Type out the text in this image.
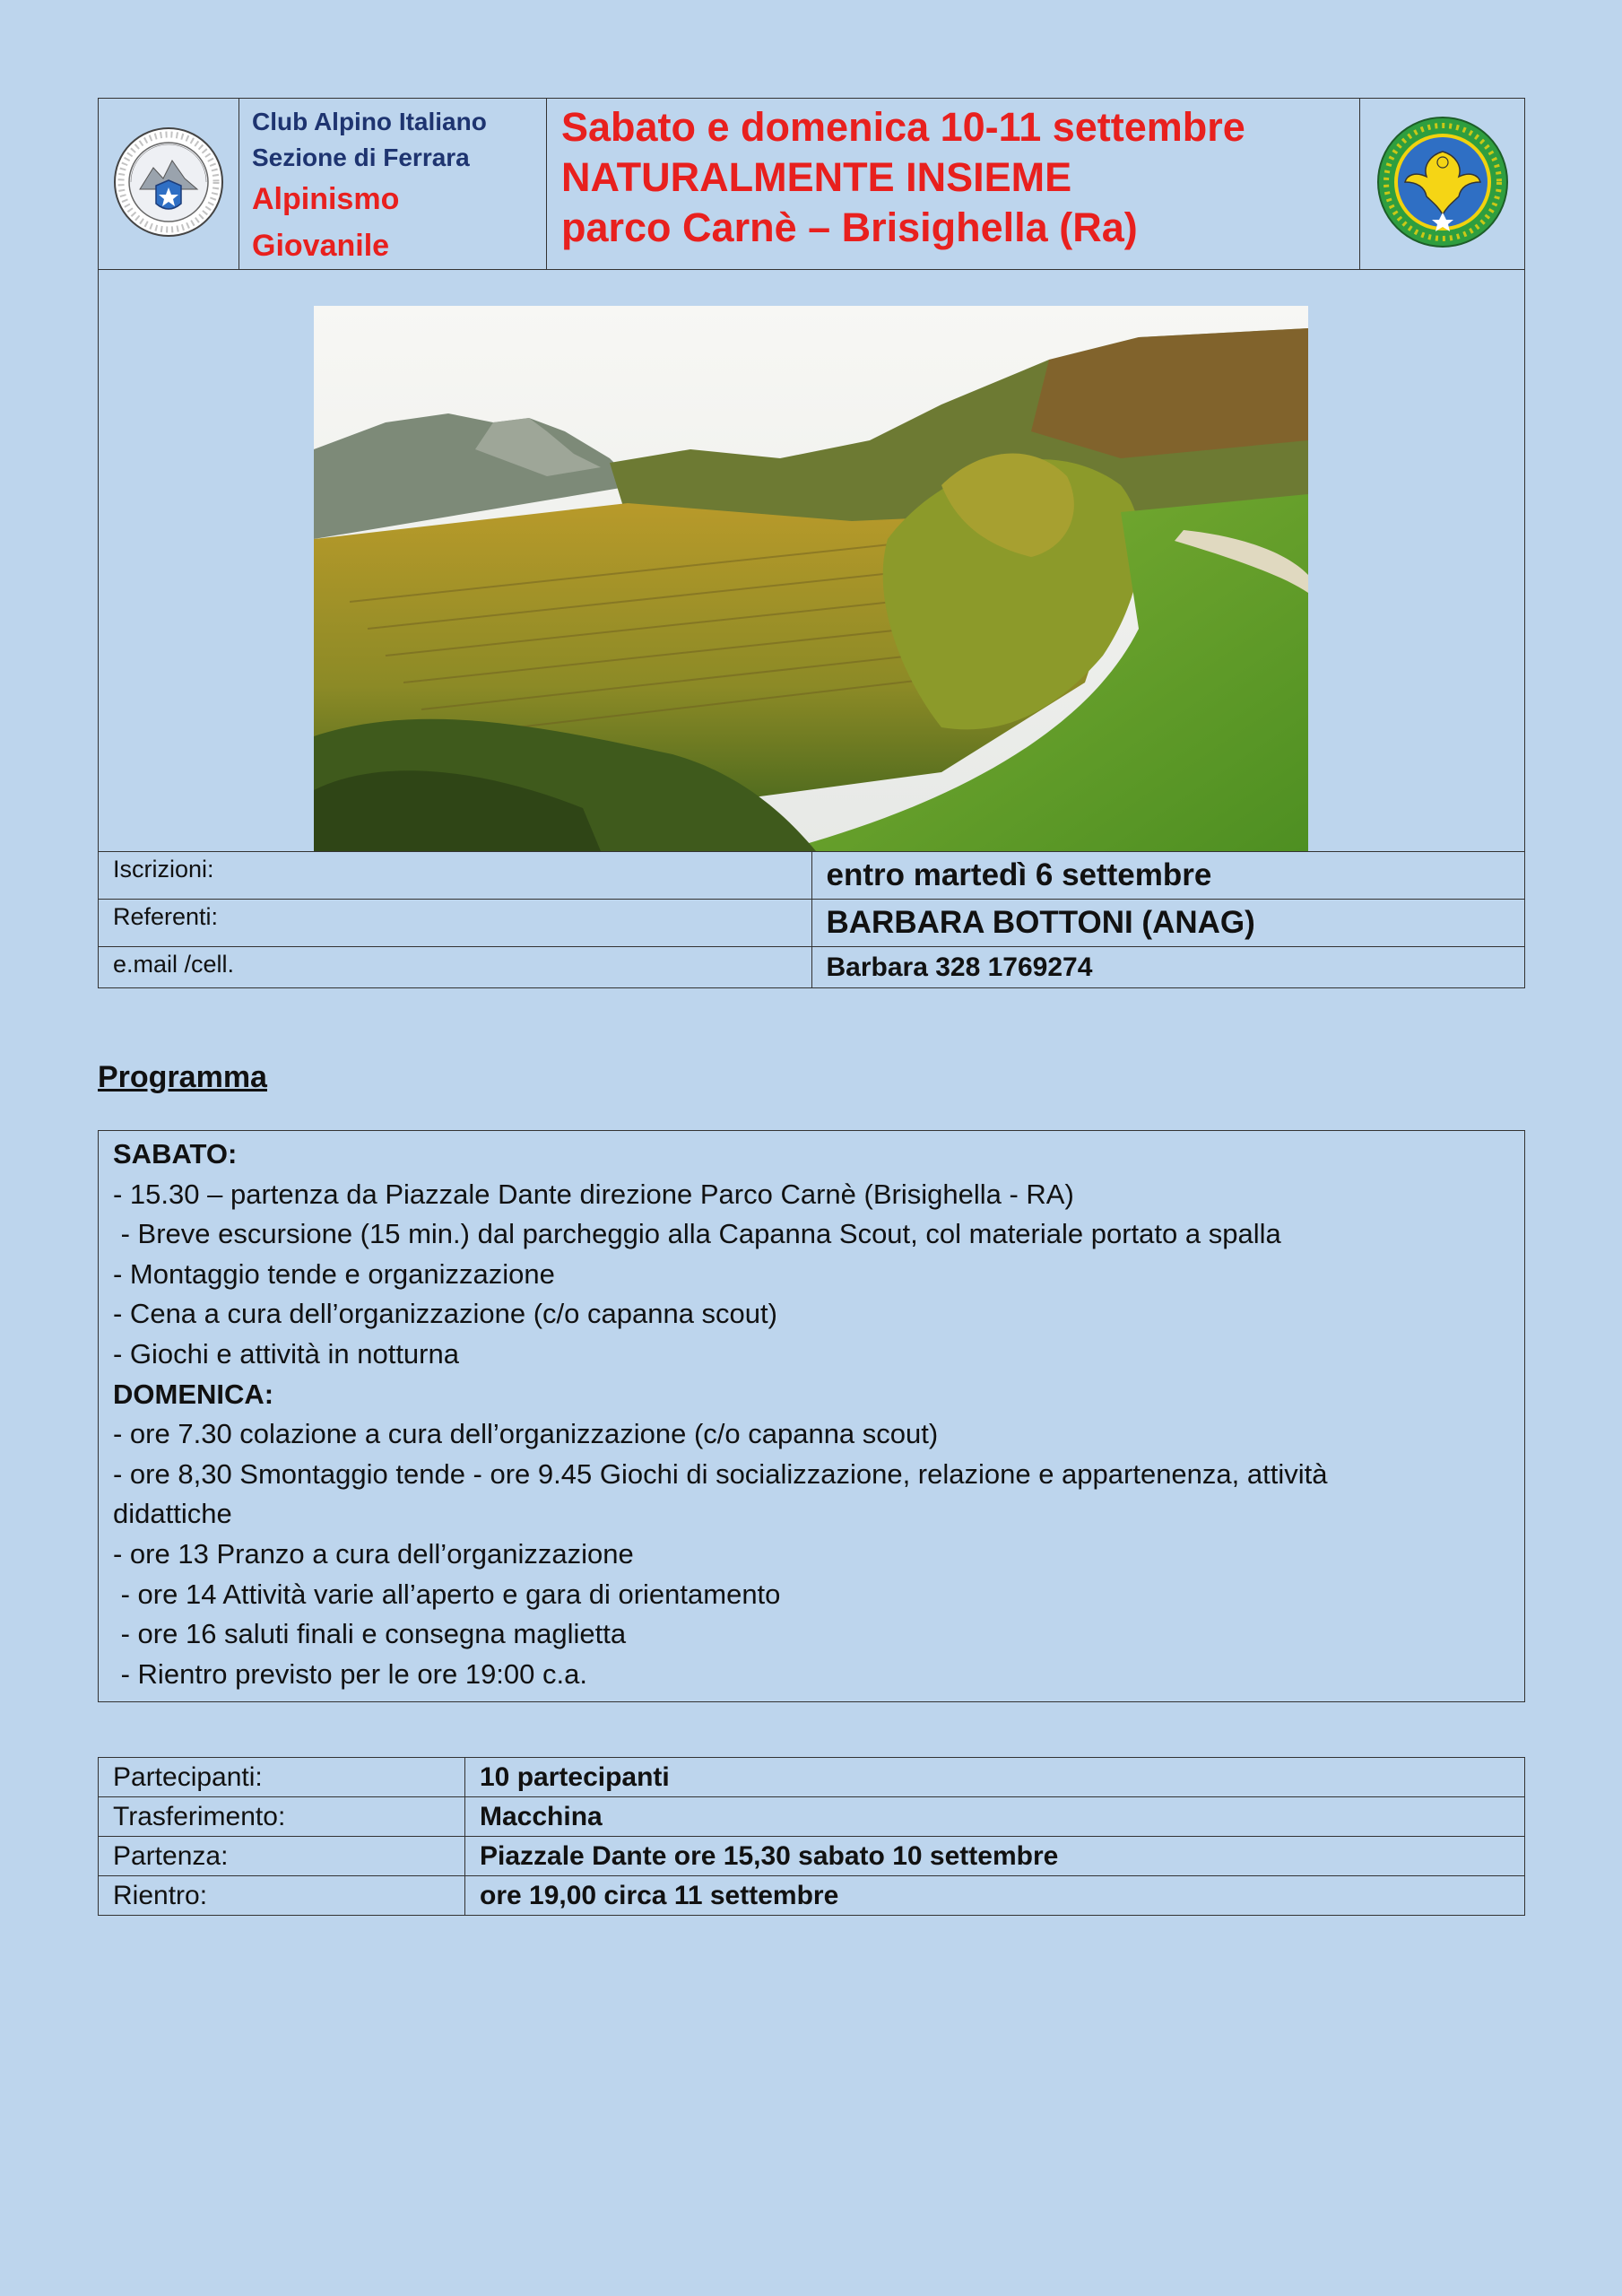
Club Alpino Italiano
Sezione di Ferrara
Alpinismo
Giovanile

Sabato e domenica 10-11 settembre
NATURALMENTE INSIEME
parco Carnè – Brisighella (Ra)

Iscrizioni:	entro martedì 6 settembre
Referenti:	BARBARA BOTTONI (ANAG)
e.mail /cell.	Barbara 328 1769274
Programma
SABATO:
- 15.30 – partenza da Piazzale Dante direzione Parco Carnè (Brisighella - RA)
- Breve escursione (15 min.) dal parcheggio alla Capanna Scout, col materiale portato a spalla
- Montaggio tende e organizzazione
- Cena a cura dell’organizzazione (c/o capanna scout)
- Giochi e attività in notturna
DOMENICA:
- ore 7.30 colazione a cura dell’organizzazione (c/o capanna scout)
- ore 8,30 Smontaggio tende - ore 9.45 Giochi di socializzazione, relazione e appartenenza, attività
didattiche
- ore 13 Pranzo a cura dell’organizzazione
- ore 14 Attività varie all’aperto e gara di orientamento
- ore 16 saluti finali e consegna maglietta
- Rientro previsto per le ore 19:00 c.a.
Partecipanti:	10 partecipanti
Trasferimento:	Macchina
Partenza:	Piazzale Dante ore 15,30 sabato 10 settembre
Rientro:	ore 19,00 circa 11 settembre
